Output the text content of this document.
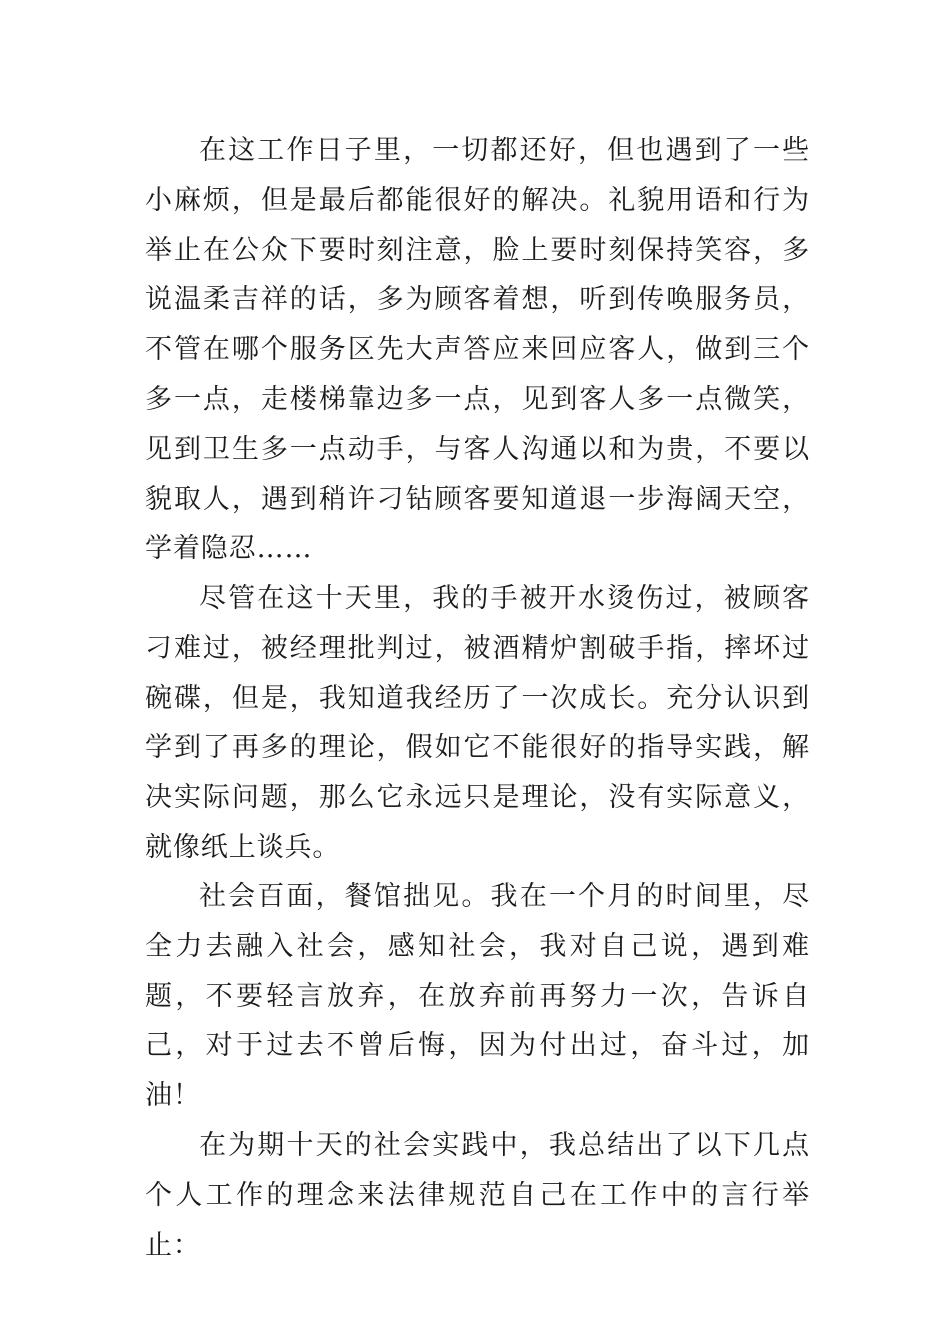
在这工作日子里，一切都还好，但也遇到了一些小麻烦，但是最后都能很好的解决。礼貌用语和行为举止在公众下要时刻注意，脸上要时刻保持笑容，多说温柔吉祥的话，多为顾客着想，听到传唤服务员，不管在哪个服务区先大声答应来回应客人，做到三个多一点，走楼梯靠边多一点，见到客人多一点微笑，见到卫生多一点动手，与客人沟通以和为贵，不要以貌取人，遇到稍许刁钻顾客要知道退一步海阔天空，学着隐忍……

尽管在这十天里，我的手被开水烫伤过，被顾客刁难过，被经理批判过，被酒精炉割破手指，摔坏过碗碟，但是，我知道我经历了一次成长。充分认识到学到了再多的理论，假如它不能很好的指导实践，解决实际问题，那么它永远只是理论，没有实际意义，就像纸上谈兵。

社会百面，餐馆拙见。我在一个月的时间里，尽全力去融入社会，感知社会，我对自己说，遇到难题，不要轻言放弃，在放弃前再努力一次，告诉自己，对于过去不曾后悔，因为付出过，奋斗过，加油！

在为期十天的社会实践中，我总结出了以下几点个人工作的理念来法律规范自己在工作中的言行举止：
